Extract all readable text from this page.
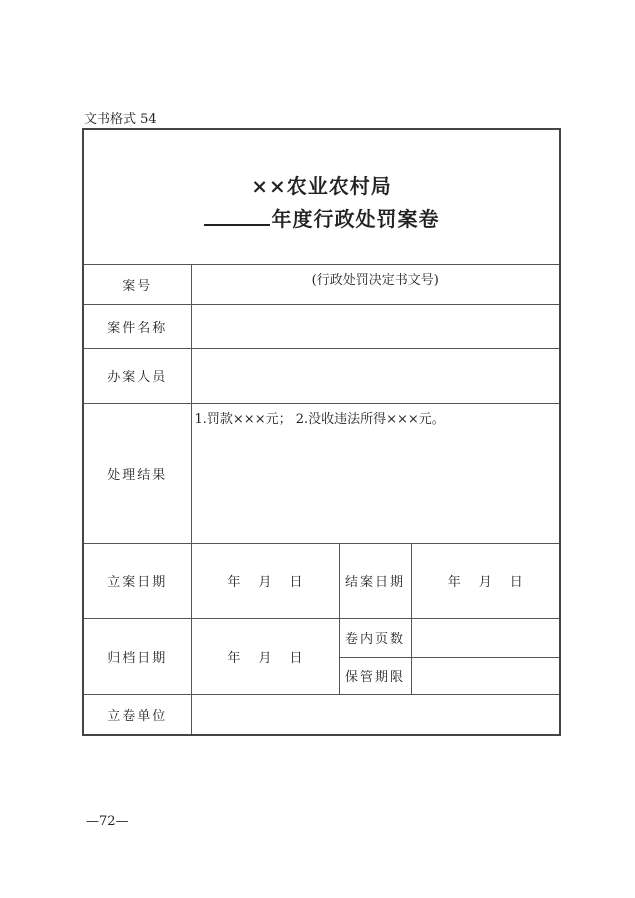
文书格式 54
××农业农村局
年度行政处罚案卷			

案号	(行政处罚决定书文号)		
案件名称			
办案人员			
处理结果	1.罚款×××元； 2.没收违法所得×××元。		
立案日期	年 月 日	结案日期	年 月 日
归档日期	年 月 日	卷内页数	
		保管期限	
立卷单位			
—72—
